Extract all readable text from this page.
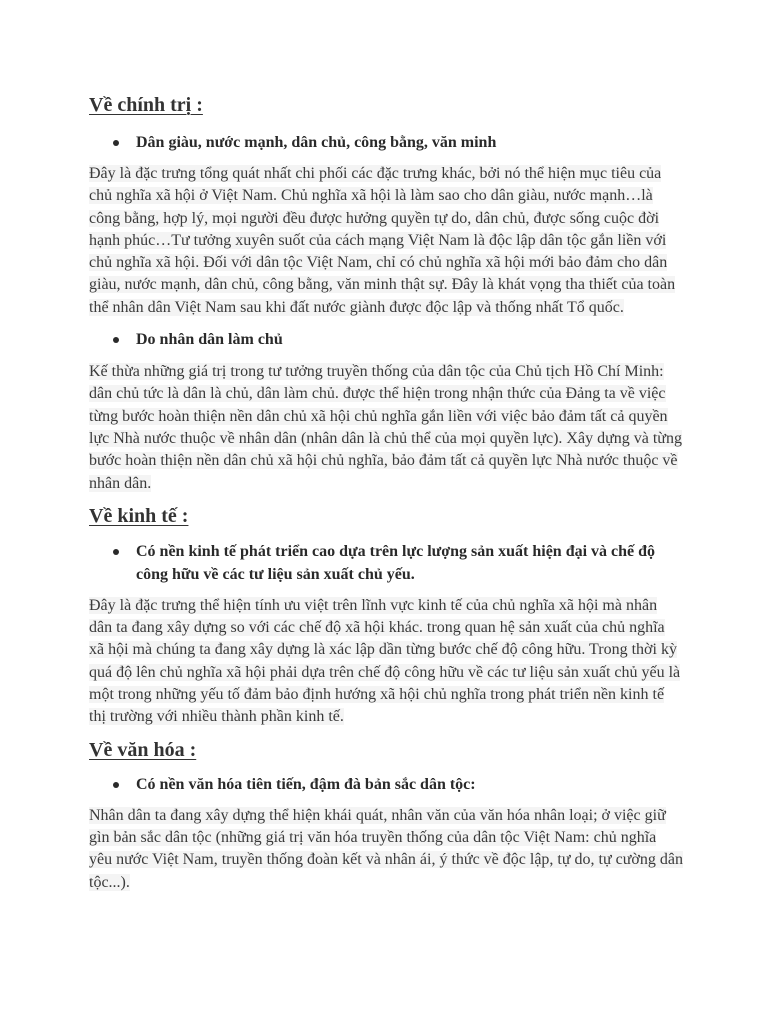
Về chính trị :

Dân giàu, nước mạnh, dân chủ, công bằng, văn minh

Đây là đặc trưng tổng quát nhất chi phối các đặc trưng khác, bởi nó thể hiện mục tiêu của chủ nghĩa xã hội ở Việt Nam. Chủ nghĩa xã hội là làm sao cho dân giàu, nước mạnh…là công bằng, hợp lý, mọi người đều được hưởng quyền tự do, dân chủ, được sống cuộc đời hạnh phúc…Tư tưởng xuyên suốt của cách mạng Việt Nam là độc lập dân tộc gắn liền với chủ nghĩa xã hội. Đối với dân tộc Việt Nam, chỉ có chủ nghĩa xã hội mới bảo đảm cho dân giàu, nước mạnh, dân chủ, công bằng, văn minh thật sự. Đây là khát vọng tha thiết của toàn thể nhân dân Việt Nam sau khi đất nước giành được độc lập và thống nhất Tổ quốc.

Do nhân dân làm chủ

Kế thừa những giá trị trong tư tưởng truyền thống của dân tộc của Chủ tịch Hồ Chí Minh: dân chủ tức là dân là chủ, dân làm chủ. được thể hiện trong nhận thức của Đảng ta về việc từng bước hoàn thiện nền dân chủ xã hội chủ nghĩa gắn liền với việc bảo đảm tất cả quyền lực Nhà nước thuộc về nhân dân (nhân dân là chủ thể của mọi quyền lực). Xây dựng và từng bước hoàn thiện nền dân chủ xã hội chủ nghĩa, bảo đảm tất cả quyền lực Nhà nước thuộc về nhân dân.

Về kinh tế :

Có nền kinh tế phát triển cao dựa trên lực lượng sản xuất hiện đại và chế độ công hữu về các tư liệu sản xuất chủ yếu.

Đây là đặc trưng thể hiện tính ưu việt trên lĩnh vực kinh tế của chủ nghĩa xã hội mà nhân dân ta đang xây dựng so với các chế độ xã hội khác. trong quan hệ sản xuất của chủ nghĩa xã hội mà chúng ta đang xây dựng là xác lập dần từng bước chế độ công hữu. Trong thời kỳ quá độ lên chủ nghĩa xã hội phải dựa trên chế độ công hữu về các tư liệu sản xuất chủ yếu là một trong những yếu tố đảm bảo định hướng xã hội chủ nghĩa trong phát triển nền kinh tế thị trường với nhiều thành phần kinh tế.

Về văn hóa :

Có nền văn hóa tiên tiến, đậm đà bản sắc dân tộc:

Nhân dân ta đang xây dựng thể hiện khái quát, nhân văn của văn hóa nhân loại; ở việc giữ gìn bản sắc dân tộc (những giá trị văn hóa truyền thống của dân tộc Việt Nam: chủ nghĩa yêu nước Việt Nam, truyền thống đoàn kết và nhân ái, ý thức về độc lập, tự do, tự cường dân tộc...).
